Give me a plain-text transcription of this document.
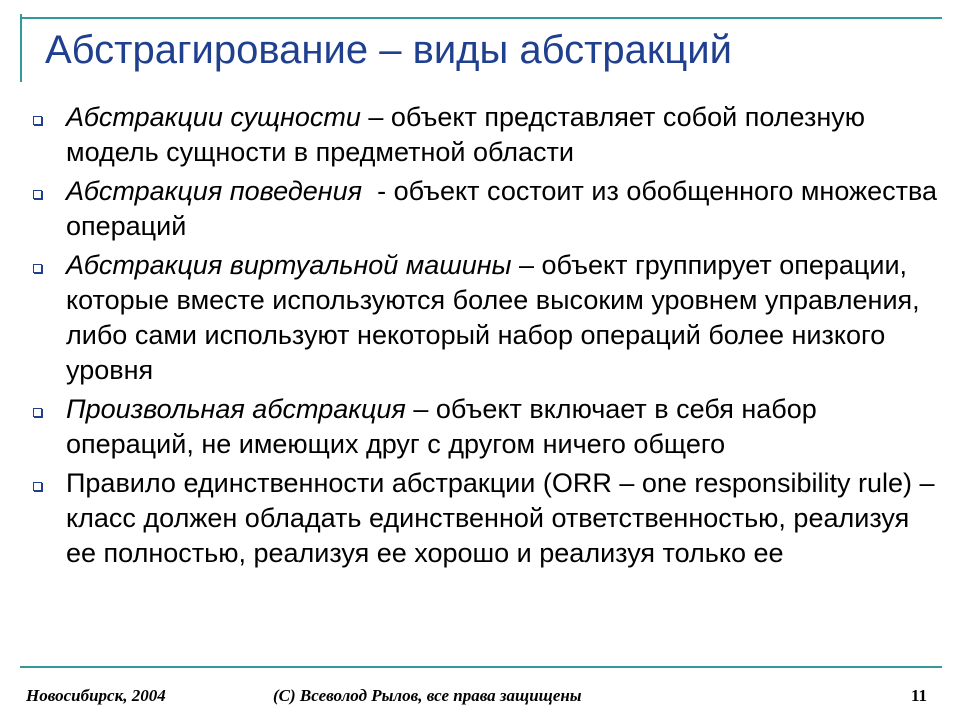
Абстрагирование – виды абстракций
Абстракции сущности – объект представляет собой полезную модель сущности в предметной области
Абстракция поведения  - объект состоит из обобщенного множества операций
Абстракция виртуальной машины – объект группирует операции, которые вместе используются более высоким уровнем управления, либо сами используют некоторый набор операций более низкого уровня
Произвольная абстракция – объект включает в себя набор операций, не имеющих друг с другом ничего общего
Правило единственности абстракции (ORR – one responsibility rule) – класс должен обладать единственной ответственностью, реализуя ее полностью, реализуя ее хорошо и реализуя только ее
Новосибирск, 2004	(С) Всеволод Рылов, все права защищены	11
